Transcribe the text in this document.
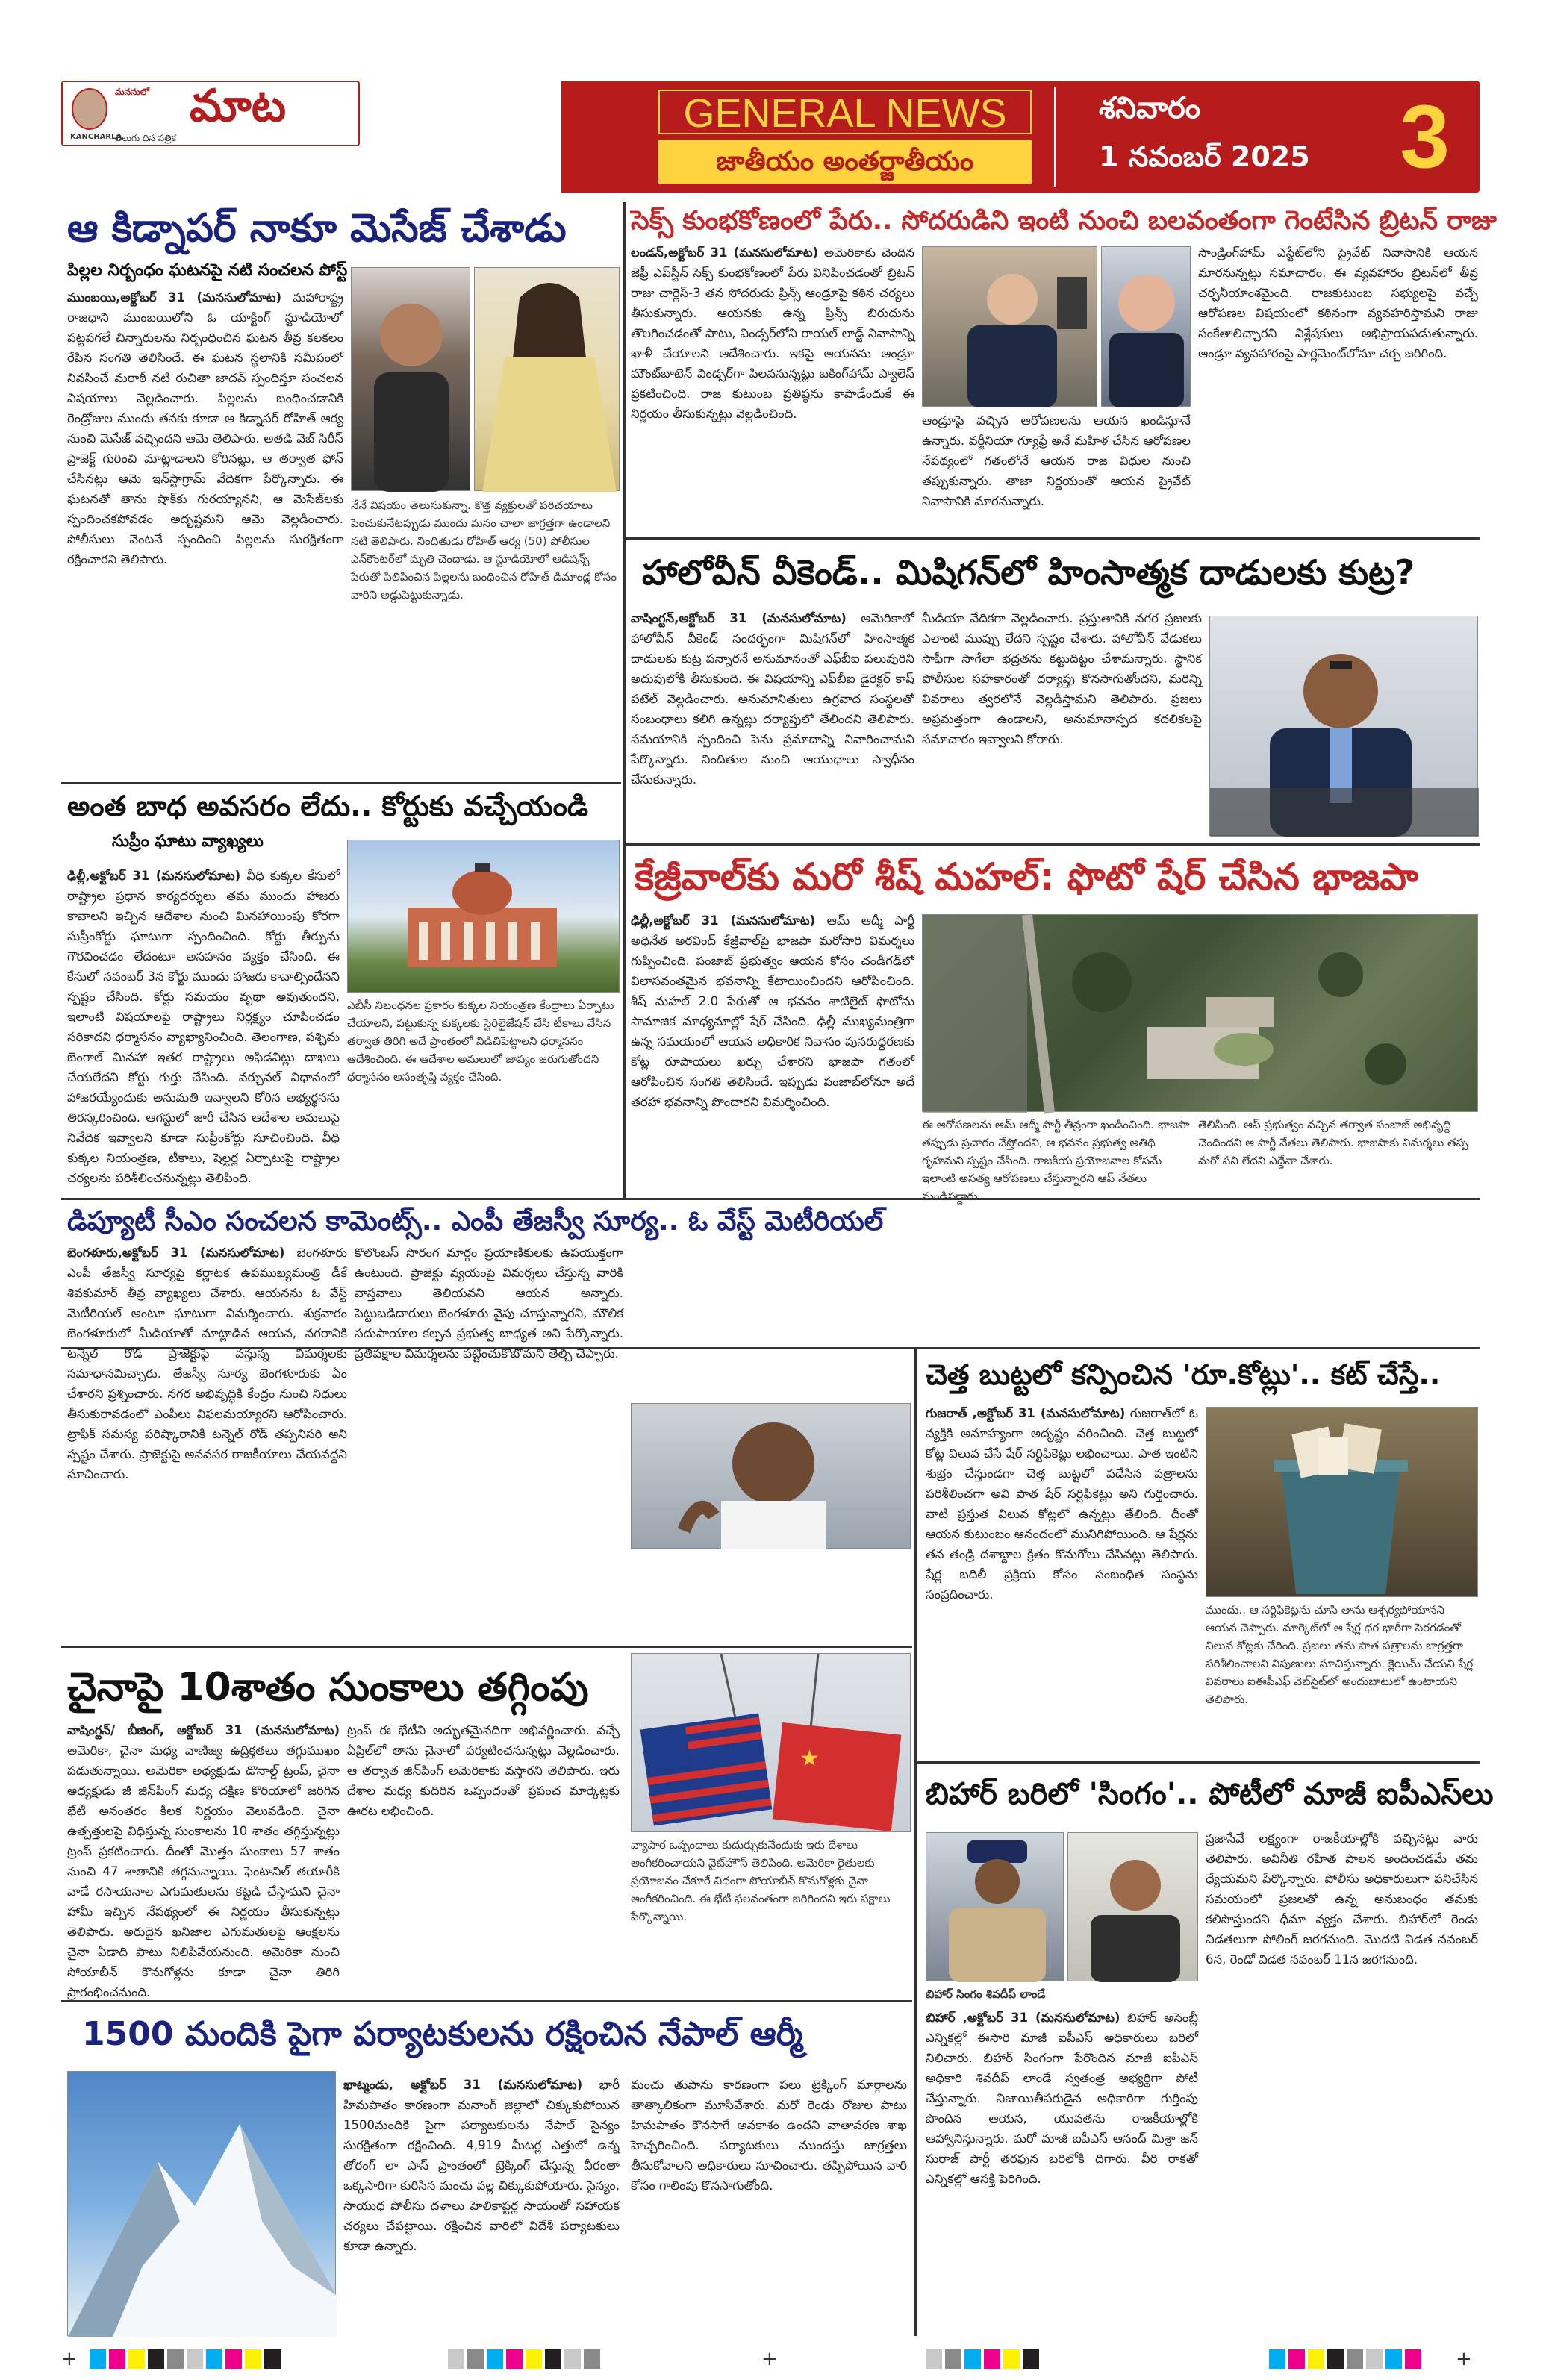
మనసులో మాట
KANCHARLA
తెలుగు దిన పత్రిక
GENERAL NEWS
జాతీయం అంతర్జాతీయం
శనివారం
1 నవంబర్ 2025 3
ఆ కిడ్నాపర్ నాకూ మెసేజ్ చేశాడు
పిల్లల నిర్బంధం ఘటనపై నటి సంచలన పోస్ట్
ముంబయి,అక్టోబర్ 31 (మనసులోమాట) మహారాష్ట్ర రాజధాని ముంబయిలోని ఓ యాక్టింగ్ స్టూడియోలో పట్టపగలే చిన్నారులను నిర్బంధించిన ఘటన తీవ్ర కలకలం రేపిన సంగతి తెలిసిందే. ఈ ఘటన స్థలానికి సమీపంలో నివసించే మరాఠీ నటి రుచితా జాదవ్ స్పందిస్తూ సంచలన విషయాలు వెల్లడించారు. పిల్లలను బంధించడానికి రెండ్రోజుల ముందు తనకు కూడా ఆ కిడ్నాపర్ రోహిత్ ఆర్య నుంచి మెసేజ్ వచ్చిందని ఆమె తెలిపారు. అతడి వెబ్ సిరీస్ ప్రాజెక్ట్ గురించి మాట్లాడాలని కోరినట్లు, ఆ తర్వాత ఫోన్ చేసినట్లు ఆమె ఇన్‌స్టాగ్రామ్ వేదికగా పేర్కొన్నారు. ఈ ఘటనతో తాను షాక్‌కు గురయ్యానని, ఆ మెసేజ్‌లకు స్పందించకపోవడం అదృష్టమని ఆమె వెల్లడించారు. పోలీసులు వెంటనే స్పందించి పిల్లలను సురక్షితంగా రక్షించారని తెలిపారు.
నేనే విషయం తెలుసుకున్నా. కొత్త వ్యక్తులతో పరిచయాలు పెంచుకునేటప్పుడు ముందు మనం చాలా జాగ్రత్తగా ఉండాలని నటి తెలిపారు. నిందితుడు రోహిత్ ఆర్య (50) పోలీసుల ఎన్‌కౌంటర్‌లో మృతి చెందాడు. ఆ స్టూడియోలో ఆడిషన్స్ పేరుతో పిలిపించిన పిల్లలను బంధించిన రోహిత్ డిమాండ్ల కోసం వారిని అడ్డుపెట్టుకున్నాడు.
అంత బాధ అవసరం లేదు.. కోర్టుకు వచ్చేయండి
సుప్రీం ఘాటు వ్యాఖ్యలు
ఢిల్లీ,అక్టోబర్ 31 (మనసులోమాట) వీధి కుక్కల కేసులో రాష్ట్రాల ప్రధాన కార్యదర్శులు తమ ముందు హాజరు కావాలని ఇచ్చిన ఆదేశాల నుంచి మినహాయింపు కోరగా సుప్రీంకోర్టు ఘాటుగా స్పందించింది. కోర్టు తీర్పును గౌరవించడం లేదంటూ అసహనం వ్యక్తం చేసింది. ఈ కేసులో నవంబర్ 3న కోర్టు ముందు హాజరు కావాల్సిందేనని స్పష్టం చేసింది. కోర్టు సమయం వృథా అవుతుందని, ఇలాంటి విషయాలపై రాష్ట్రాలు నిర్లక్ష్యం చూపించడం సరికాదని ధర్మాసనం వ్యాఖ్యానించింది. తెలంగాణ, పశ్చిమ బెంగాల్ మినహా ఇతర రాష్ట్రాలు అఫిడవిట్లు దాఖలు చేయలేదని కోర్టు గుర్తు చేసింది. వర్చువల్ విధానంలో హాజరయ్యేందుకు అనుమతి ఇవ్వాలని కోరిన అభ్యర్థనను తిరస్కరించింది. ఆగస్టులో జారీ చేసిన ఆదేశాల అమలుపై నివేదిక ఇవ్వాలని కూడా సుప్రీంకోర్టు సూచించింది. వీధి కుక్కల నియంత్రణ, టీకాలు, షెల్టర్ల ఏర్పాటుపై రాష్ట్రాల చర్యలను పరిశీలించనున్నట్లు తెలిపింది.
ఎబీసీ నిబంధనల ప్రకారం కుక్కల నియంత్రణ కేంద్రాలు ఏర్పాటు చేయాలని, పట్టుకున్న కుక్కలకు స్టెరిలైజేషన్ చేసి టీకాలు వేసిన తర్వాత తిరిగి అదే ప్రాంతంలో విడిచిపెట్టాలని ధర్మాసనం ఆదేశించింది. ఈ ఆదేశాల అమలులో జాప్యం జరుగుతోందని ధర్మాసనం అసంతృప్తి వ్యక్తం చేసింది.
సెక్స్ కుంభకోణంలో పేరు.. సోదరుడిని ఇంటి నుంచి బలవంతంగా గెంటేసిన బ్రిటన్ రాజు
లండన్,అక్టోబర్ 31 (మనసులోమాట) అమెరికాకు చెందిన జెఫ్రీ ఎప్‌స్టీన్ సెక్స్ కుంభకోణంలో పేరు వినిపించడంతో బ్రిటన్ రాజు చార్లెస్-3 తన సోదరుడు ప్రిన్స్ ఆండ్రూపై కఠిన చర్యలు తీసుకున్నారు. ఆయనకు ఉన్న ప్రిన్స్ బిరుదును తొలగించడంతో పాటు, విండ్సర్‌లోని రాయల్ లాడ్జ్ నివాసాన్ని ఖాళీ చేయాలని ఆదేశించారు. ఇకపై ఆయనను ఆండ్రూ మౌంట్‌బాటెన్ విండ్సర్‌గా పిలవనున్నట్లు బకింగ్‌హామ్ ప్యాలెస్ ప్రకటించింది. రాజ కుటుంబ ప్రతిష్ఠను కాపాడేందుకే ఈ నిర్ణయం తీసుకున్నట్లు వెల్లడించింది.	ఆండ్రూపై వచ్చిన ఆరోపణలను ఆయన ఖండిస్తూనే ఉన్నారు. వర్జీనియా గ్యూఫ్రే అనే మహిళ చేసిన ఆరోపణల నేపథ్యంలో గతంలోనే ఆయన రాజ విధుల నుంచి తప్పుకున్నారు. తాజా నిర్ణయంతో ఆయన ప్రైవేట్ నివాసానికి మారనున్నారు.
సాండ్రింగ్‌హామ్ ఎస్టేట్‌లోని ప్రైవేట్ నివాసానికి ఆయన మారనున్నట్లు సమాచారం. ఈ వ్యవహారం బ్రిటన్‌లో తీవ్ర చర్చనీయాంశమైంది. రాజకుటుంబ సభ్యులపై వచ్చే ఆరోపణల విషయంలో కఠినంగా వ్యవహరిస్తామని రాజు సంకేతాలిచ్చారని విశ్లేషకులు అభిప్రాయపడుతున్నారు. ఆండ్రూ వ్యవహారంపై పార్లమెంట్‌లోనూ చర్చ జరిగింది.
హాలోవీన్ వీకెండ్.. మిషిగన్‌లో హింసాత్మక దాడులకు కుట్ర?
వాషింగ్టన్,అక్టోబర్ 31 (మనసులోమాట) అమెరికాలో హాలోవీన్ వీకెండ్ సందర్భంగా మిషిగన్‌లో హింసాత్మక దాడులకు కుట్ర పన్నారనే అనుమానంతో ఎఫ్‌బీఐ పలువురిని అదుపులోకి తీసుకుంది. ఈ విషయాన్ని ఎఫ్‌బీఐ డైరెక్టర్ కాష్ పటేల్ వెల్లడించారు. అనుమానితులు ఉగ్రవాద సంస్థలతో సంబంధాలు కలిగి ఉన్నట్లు దర్యాప్తులో తేలిందని తెలిపారు. సమయానికి స్పందించి పెను ప్రమాదాన్ని నివారించామని పేర్కొన్నారు. నిందితుల నుంచి ఆయుధాలు స్వాధీనం చేసుకున్నారు.
మీడియా వేదికగా వెల్లడించారు. ప్రస్తుతానికి నగర ప్రజలకు ఎలాంటి ముప్పు లేదని స్పష్టం చేశారు. హాలోవీన్ వేడుకలు సాఫీగా సాగేలా భద్రతను కట్టుదిట్టం చేశామన్నారు. స్థానిక పోలీసుల సహకారంతో దర్యాప్తు కొనసాగుతోందని, మరిన్ని వివరాలు త్వరలోనే వెల్లడిస్తామని తెలిపారు. ప్రజలు అప్రమత్తంగా ఉండాలని, అనుమానాస్పద కదలికలపై సమాచారం ఇవ్వాలని కోరారు.
కేజ్రీవాల్‌కు మరో శీష్ మహల్: ఫొటో షేర్ చేసిన భాజపా
ఢిల్లీ,అక్టోబర్ 31 (మనసులోమాట) ఆమ్ ఆద్మీ పార్టీ అధినేత అరవింద్ కేజ్రీవాల్‌పై భాజపా మరోసారి విమర్శలు గుప్పించింది. పంజాబ్ ప్రభుత్వం ఆయన కోసం చండీగఢ్‌లో విలాసవంతమైన భవనాన్ని కేటాయించిందని ఆరోపించింది. శీష్ మహల్ 2.0 పేరుతో ఆ భవనం శాటిలైట్ ఫొటోను సామాజిక మాధ్యమాల్లో షేర్ చేసింది. ఢిల్లీ ముఖ్యమంత్రిగా ఉన్న సమయంలో ఆయన అధికారిక నివాసం పునరుద్ధరణకు కోట్ల రూపాయలు ఖర్చు చేశారని భాజపా గతంలో ఆరోపించిన సంగతి తెలిసిందే. ఇప్పుడు పంజాబ్‌లోనూ అదే తరహా భవనాన్ని పొందారని విమర్శించింది.
ఈ ఆరోపణలను ఆమ్ ఆద్మీ పార్టీ తీవ్రంగా ఖండించింది. భాజపా తప్పుడు ప్రచారం చేస్తోందని, ఆ భవనం ప్రభుత్వ అతిథి గృహమని స్పష్టం చేసింది. రాజకీయ ప్రయోజనాల కోసమే ఇలాంటి అసత్య ఆరోపణలు చేస్తున్నారని ఆప్ నేతలు మండిపడ్డారు.
తెలిపింది. ఆప్ ప్రభుత్వం వచ్చిన తర్వాత పంజాబ్ అభివృద్ధి చెందిందని ఆ పార్టీ నేతలు తెలిపారు. భాజపాకు విమర్శలు తప్ప మరో పని లేదని ఎద్దేవా చేశారు.
డిప్యూటీ సీఎం సంచలన కామెంట్స్.. ఎంపీ తేజస్వీ సూర్య.. ఓ వేస్ట్ మెటీరియల్
బెంగళూరు,అక్టోబర్ 31 (మనసులోమాట) బెంగళూరు ఎంపీ తేజస్వీ సూర్యపై కర్ణాటక ఉపముఖ్యమంత్రి డీకే శివకుమార్ తీవ్ర వ్యాఖ్యలు చేశారు. ఆయనను ఓ వేస్ట్ మెటీరియల్ అంటూ ఘాటుగా విమర్శించారు. శుక్రవారం బెంగళూరులో మీడియాతో మాట్లాడిన ఆయన, నగరానికి టన్నెల్ రోడ్ ప్రాజెక్టుపై వస్తున్న విమర్శలకు సమాధానమిచ్చారు. తేజస్వీ సూర్య బెంగళూరుకు ఏం చేశారని ప్రశ్నించారు. నగర అభివృద్ధికి కేంద్రం నుంచి నిధులు తీసుకురావడంలో ఎంపీలు విఫలమయ్యారని ఆరోపించారు. ట్రాఫిక్ సమస్య పరిష్కారానికి టన్నెల్ రోడ్ తప్పనిసరి అని స్పష్టం చేశారు. ప్రాజెక్టుపై అనవసర రాజకీయాలు చేయవద్దని సూచించారు.
కొలొంబస్ సొరంగ మార్గం ప్రయాణికులకు ఉపయుక్తంగా ఉంటుంది. ప్రాజెక్టు వ్యయంపై విమర్శలు చేస్తున్న వారికి వాస్తవాలు తెలియవని ఆయన అన్నారు. పెట్టుబడిదారులు బెంగళూరు వైపు చూస్తున్నారని, మౌలిక సదుపాయాల కల్పన ప్రభుత్వ బాధ్యత అని పేర్కొన్నారు. ప్రతిపక్షాల విమర్శలను పట్టించుకోబోమని తేల్చి చెప్పారు.
చెత్త బుట్టలో కన్పించిన 'రూ.కోట్లు'.. కట్ చేస్తే..
గుజరాత్ ,అక్టోబర్ 31 (మనసులోమాట) గుజరాత్‌లో ఓ వ్యక్తికి అనూహ్యంగా అదృష్టం వరించింది. చెత్త బుట్టలో కోట్ల విలువ చేసే షేర్ సర్టిఫికెట్లు లభించాయి. పాత ఇంటిని శుభ్రం చేస్తుండగా చెత్త బుట్టలో పడేసిన పత్రాలను పరిశీలించగా అవి పాత షేర్ సర్టిఫికెట్లు అని గుర్తించారు. వాటి ప్రస్తుత విలువ కోట్లలో ఉన్నట్లు తేలింది. దీంతో ఆయన కుటుంబం ఆనందంలో మునిగిపోయింది. ఆ షేర్లను తన తండ్రి దశాబ్దాల క్రితం కొనుగోలు చేసినట్లు తెలిపారు. షేర్ల బదిలీ ప్రక్రియ కోసం సంబంధిత సంస్థను సంప్రదించారు.
ముందు.. ఆ సర్టిఫికెట్లను చూసి తాను ఆశ్చర్యపోయానని ఆయన చెప్పారు. మార్కెట్‌లో ఆ షేర్ల ధర భారీగా పెరగడంతో విలువ కోట్లకు చేరింది. ప్రజలు తమ పాత పత్రాలను జాగ్రత్తగా పరిశీలించాలని నిపుణులు సూచిస్తున్నారు. క్లెయిమ్ చేయని షేర్ల వివరాలు ఐఈపీఎఫ్ వెబ్‌సైట్‌లో అందుబాటులో ఉంటాయని తెలిపారు.
చైనాపై 10శాతం సుంకాలు తగ్గింపు
వాషింగ్టన్/ బీజింగ్, అక్టోబర్ 31 (మనసులోమాట) అమెరికా, చైనా మధ్య వాణిజ్య ఉద్రిక్తతలు తగ్గుముఖం పడుతున్నాయి. అమెరికా అధ్యక్షుడు డొనాల్డ్ ట్రంప్, చైనా అధ్యక్షుడు జీ జిన్‌పింగ్ మధ్య దక్షిణ కొరియాలో జరిగిన భేటీ అనంతరం కీలక నిర్ణయం వెలువడింది. చైనా ఉత్పత్తులపై విధిస్తున్న సుంకాలను 10 శాతం తగ్గిస్తున్నట్లు ట్రంప్ ప్రకటించారు. దీంతో మొత్తం సుంకాలు 57 శాతం నుంచి 47 శాతానికి తగ్గనున్నాయి. ఫెంటానిల్ తయారీకి వాడే రసాయనాల ఎగుమతులను కట్టడి చేస్తామని చైనా హామీ ఇచ్చిన నేపథ్యంలో ఈ నిర్ణయం తీసుకున్నట్లు తెలిపారు. అరుదైన ఖనిజాల ఎగుమతులపై ఆంక్షలను చైనా ఏడాది పాటు నిలిపివేయనుంది. అమెరికా నుంచి సోయాబీన్ కొనుగోళ్లను కూడా చైనా తిరిగి ప్రారంభించనుంది.
ట్రంప్ ఈ భేటీని అద్భుతమైనదిగా అభివర్ణించారు. వచ్చే ఏప్రిల్‌లో తాను చైనాలో పర్యటించనున్నట్లు వెల్లడించారు. ఆ తర్వాత జిన్‌పింగ్ అమెరికాకు వస్తారని తెలిపారు. ఇరు దేశాల మధ్య కుదిరిన ఒప్పందంతో ప్రపంచ మార్కెట్లకు ఊరట లభించింది.
★
వ్యాపార ఒప్పందాలు కుదుర్చుకునేందుకు ఇరు దేశాలు అంగీకరించాయని వైట్‌హౌస్ తెలిపింది. అమెరికా రైతులకు ప్రయోజనం చేకూరే విధంగా సోయాబీన్ కొనుగోళ్లకు చైనా అంగీకరించింది. ఈ భేటీ ఫలవంతంగా జరిగిందని ఇరు పక్షాలు పేర్కొన్నాయి.
1500 మందికి పైగా పర్యాటకులను రక్షించిన నేపాల్ ఆర్మీ
ఖాట్మండు, అక్టోబర్ 31 (మనసులోమాట) భారీ హిమపాతం కారణంగా మనాంగ్ జిల్లాలో చిక్కుకుపోయిన 1500మందికి పైగా పర్యాటకులను నేపాల్ సైన్యం సురక్షితంగా రక్షించింది. 4,919 మీటర్ల ఎత్తులో ఉన్న తోరంగ్ లా పాస్ ప్రాంతంలో ట్రెక్కింగ్ చేస్తున్న వీరంతా ఒక్కసారిగా కురిసిన మంచు వల్ల చిక్కుకుపోయారు. సైన్యం, సాయుధ పోలీసు దళాలు హెలికాప్టర్ల సాయంతో సహాయక చర్యలు చేపట్టాయి. రక్షించిన వారిలో విదేశీ పర్యాటకులు కూడా ఉన్నారు.
మంచు తుపాను కారణంగా పలు ట్రెక్కింగ్ మార్గాలను తాత్కాలికంగా మూసివేశారు. మరో రెండు రోజుల పాటు హిమపాతం కొనసాగే అవకాశం ఉందని వాతావరణ శాఖ హెచ్చరించింది. పర్యాటకులు ముందస్తు జాగ్రత్తలు తీసుకోవాలని అధికారులు సూచించారు. తప్పిపోయిన వారి కోసం గాలింపు కొనసాగుతోంది.
బిహార్ బరిలో 'సింగం'.. పోటీలో మాజీ ఐపీఎస్‌లు
బిహార్ సింగం శివదీప్ లాండే
బిహార్ ,అక్టోబర్ 31 (మనసులోమాట) బిహార్ అసెంబ్లీ ఎన్నికల్లో ఈసారి మాజీ ఐపీఎస్ అధికారులు బరిలో నిలిచారు. బిహార్ సింగంగా పేరొందిన మాజీ ఐపీఎస్ అధికారి శివదీప్ లాండే స్వతంత్ర అభ్యర్థిగా పోటీ చేస్తున్నారు. నిజాయితీపరుడైన అధికారిగా గుర్తింపు పొందిన ఆయన, యువతను రాజకీయాల్లోకి ఆహ్వానిస్తున్నారు. మరో మాజీ ఐపీఎస్ ఆనంద్ మిశ్రా జన్ సురాజ్ పార్టీ తరఫున బరిలోకి దిగారు. వీరి రాకతో ఎన్నికల్లో ఆసక్తి పెరిగింది.
ప్రజాసేవే లక్ష్యంగా రాజకీయాల్లోకి వచ్చినట్లు వారు తెలిపారు. అవినీతి రహిత పాలన అందించడమే తమ ధ్యేయమని పేర్కొన్నారు. పోలీసు అధికారులుగా పనిచేసిన సమయంలో ప్రజలతో ఉన్న అనుబంధం తమకు కలిసొస్తుందని ధీమా వ్యక్తం చేశారు. బిహార్‌లో రెండు విడతలుగా పోలింగ్ జరగనుంది. మొదటి విడత నవంబర్ 6న, రెండో విడత నవంబర్ 11న జరగనుంది.
+	+	+
